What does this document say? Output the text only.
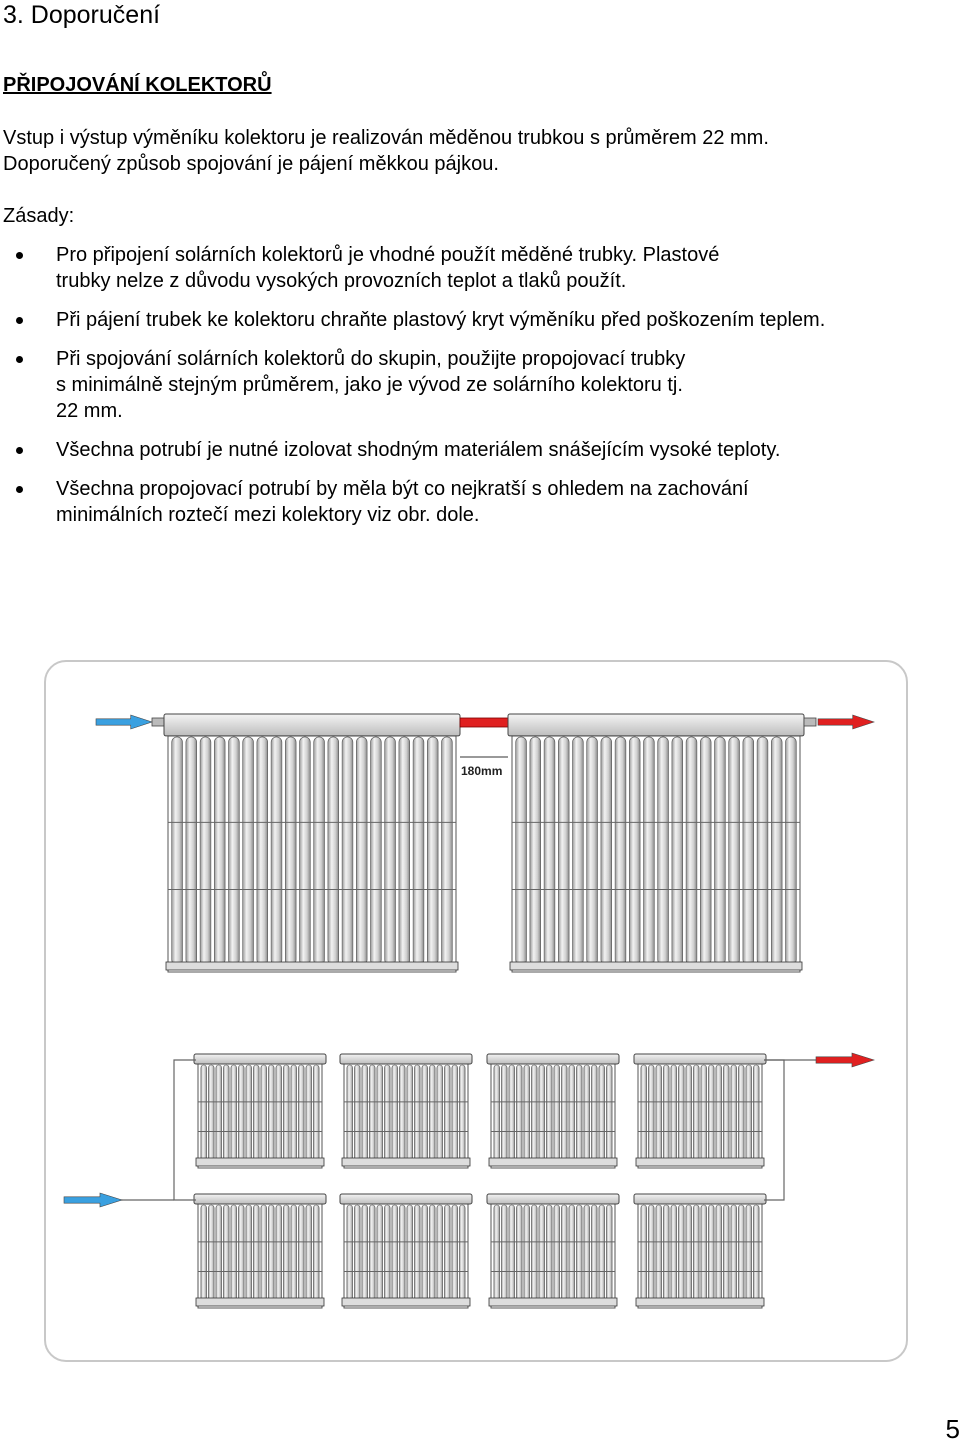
3. Doporučení
PŘIPOJOVÁNÍ KOLEKTORŮ

Vstup i výstup výměníku kolektoru je realizován měděnou trubkou s průměrem 22 mm.
Doporučený způsob spojování je pájení měkkou pájkou.

Zásady:

Pro připojení solárních kolektorů je vhodné použít měděné trubky. Plastové
trubky nelze z důvodu vysokých provozních teplot a tlaků použít.
Při pájení trubek ke kolektoru chraňte plastový kryt výměníku před poškozením teplem.
Při spojování solárních kolektorů do skupin, použijte propojovací trubky
s minimálně stejným průměrem, jako je vývod ze solárního kolektoru tj.
22 mm.
Všechna potrubí je nutné izolovat shodným materiálem snášejícím vysoké teploty.
Všechna propojovací potrubí by měla být co nejkratší s ohledem na zachování
minimálních roztečí mezi kolektory viz obr. dole.
180mm
5
